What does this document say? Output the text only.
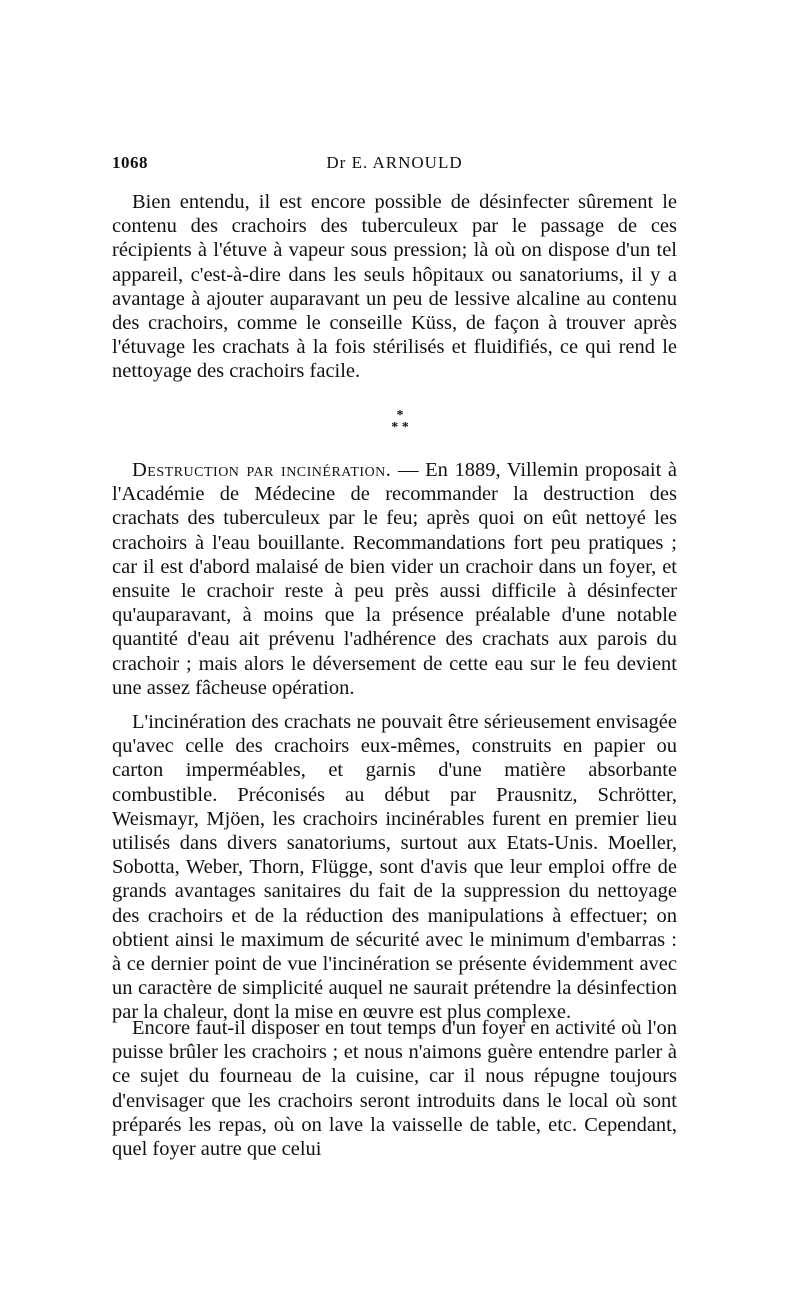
1068	Dr E. ARNOULD

Bien entendu, il est encore possible de désinfecter sûrement le contenu des crachoirs des tuberculeux par le passage de ces récipients à l'étuve à vapeur sous pression; là où on dispose d'un tel appareil, c'est-à-dire dans les seuls hôpitaux ou sanatoriums, il y a avantage à ajouter auparavant un peu de lessive alcaline au contenu des crachoirs, comme le conseille Küss, de façon à trouver après l'étuvage les crachats à la fois stérilisés et fluidifiés, ce qui rend le nettoyage des crachoirs facile.

*
* *

Destruction par incinération. — En 1889, Villemin proposait à l'Académie de Médecine de recommander la destruction des crachats des tuberculeux par le feu; après quoi on eût nettoyé les crachoirs à l'eau bouillante. Recommandations fort peu pratiques ; car il est d'abord malaisé de bien vider un crachoir dans un foyer, et ensuite le crachoir reste à peu près aussi difficile à désinfecter qu'auparavant, à moins que la présence préalable d'une notable quantité d'eau ait prévenu l'adhérence des crachats aux parois du crachoir ; mais alors le déversement de cette eau sur le feu devient une assez fâcheuse opération.

L'incinération des crachats ne pouvait être sérieusement envisagée qu'avec celle des crachoirs eux-mêmes, construits en papier ou carton imperméables, et garnis d'une matière absorbante combustible. Préconisés au début par Prausnitz, Schrötter, Weismayr, Mjöen, les crachoirs incinérables furent en premier lieu utilisés dans divers sanatoriums, surtout aux Etats-Unis. Moeller, Sobotta, Weber, Thorn, Flügge, sont d'avis que leur emploi offre de grands avantages sanitaires du fait de la suppression du nettoyage des crachoirs et de la réduction des manipulations à effectuer; on obtient ainsi le maximum de sécurité avec le minimum d'embarras : à ce dernier point de vue l'incinération se présente évidemment avec un caractère de simplicité auquel ne saurait prétendre la désinfection par la chaleur, dont la mise en œuvre est plus complexe.

Encore faut-il disposer en tout temps d'un foyer en activité où l'on puisse brûler les crachoirs ; et nous n'aimons guère entendre parler à ce sujet du fourneau de la cuisine, car il nous répugne toujours d'envisager que les crachoirs seront introduits dans le local où sont préparés les repas, où on lave la vaisselle de table, etc. Cependant, quel foyer autre que celui
